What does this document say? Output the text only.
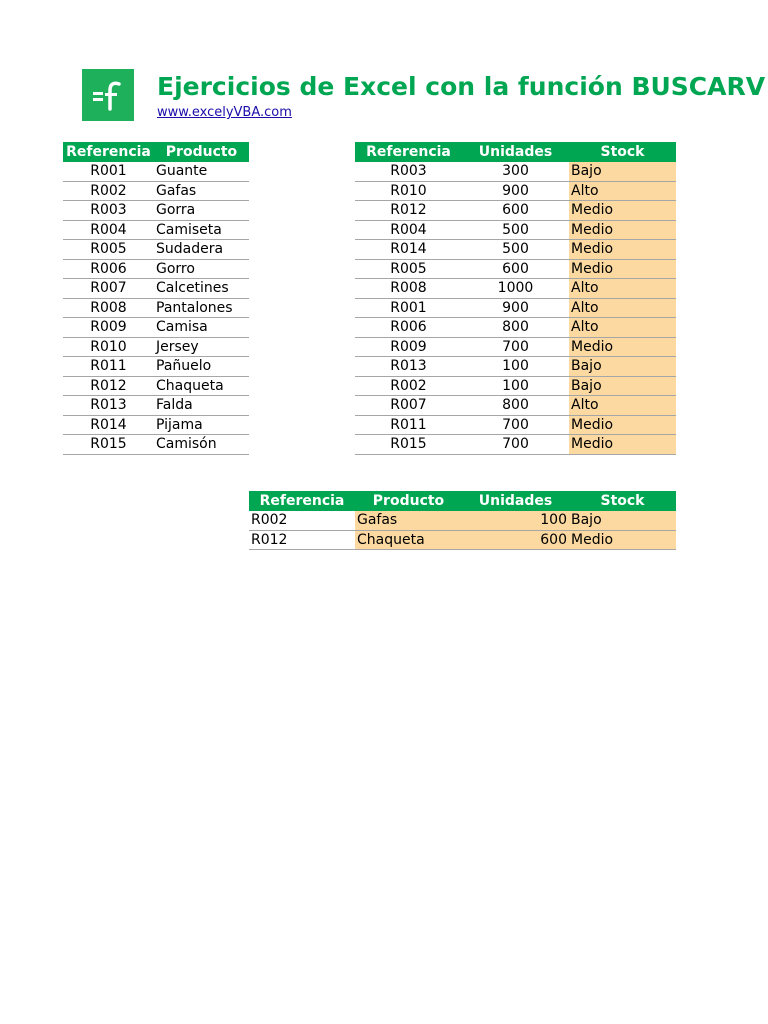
Ejercicios de Excel con la función BUSCARV
www.excelyVBA.com
Referencia	Producto
R001	Guante
R002	Gafas
R003	Gorra
R004	Camiseta
R005	Sudadera
R006	Gorro
R007	Calcetines
R008	Pantalones
R009	Camisa
R010	Jersey
R011	Pañuelo
R012	Chaqueta
R013	Falda
R014	Pijama
R015	Camisón
Referencia	Unidades	Stock
R003	300	Bajo
R010	900	Alto
R012	600	Medio
R004	500	Medio
R014	500	Medio
R005	600	Medio
R008	1000	Alto
R001	900	Alto
R006	800	Alto
R009	700	Medio
R013	100	Bajo
R002	100	Bajo
R007	800	Alto
R011	700	Medio
R015	700	Medio
Referencia	Producto	Unidades	Stock
R002	Gafas	100	Bajo
R012	Chaqueta	600	Medio
